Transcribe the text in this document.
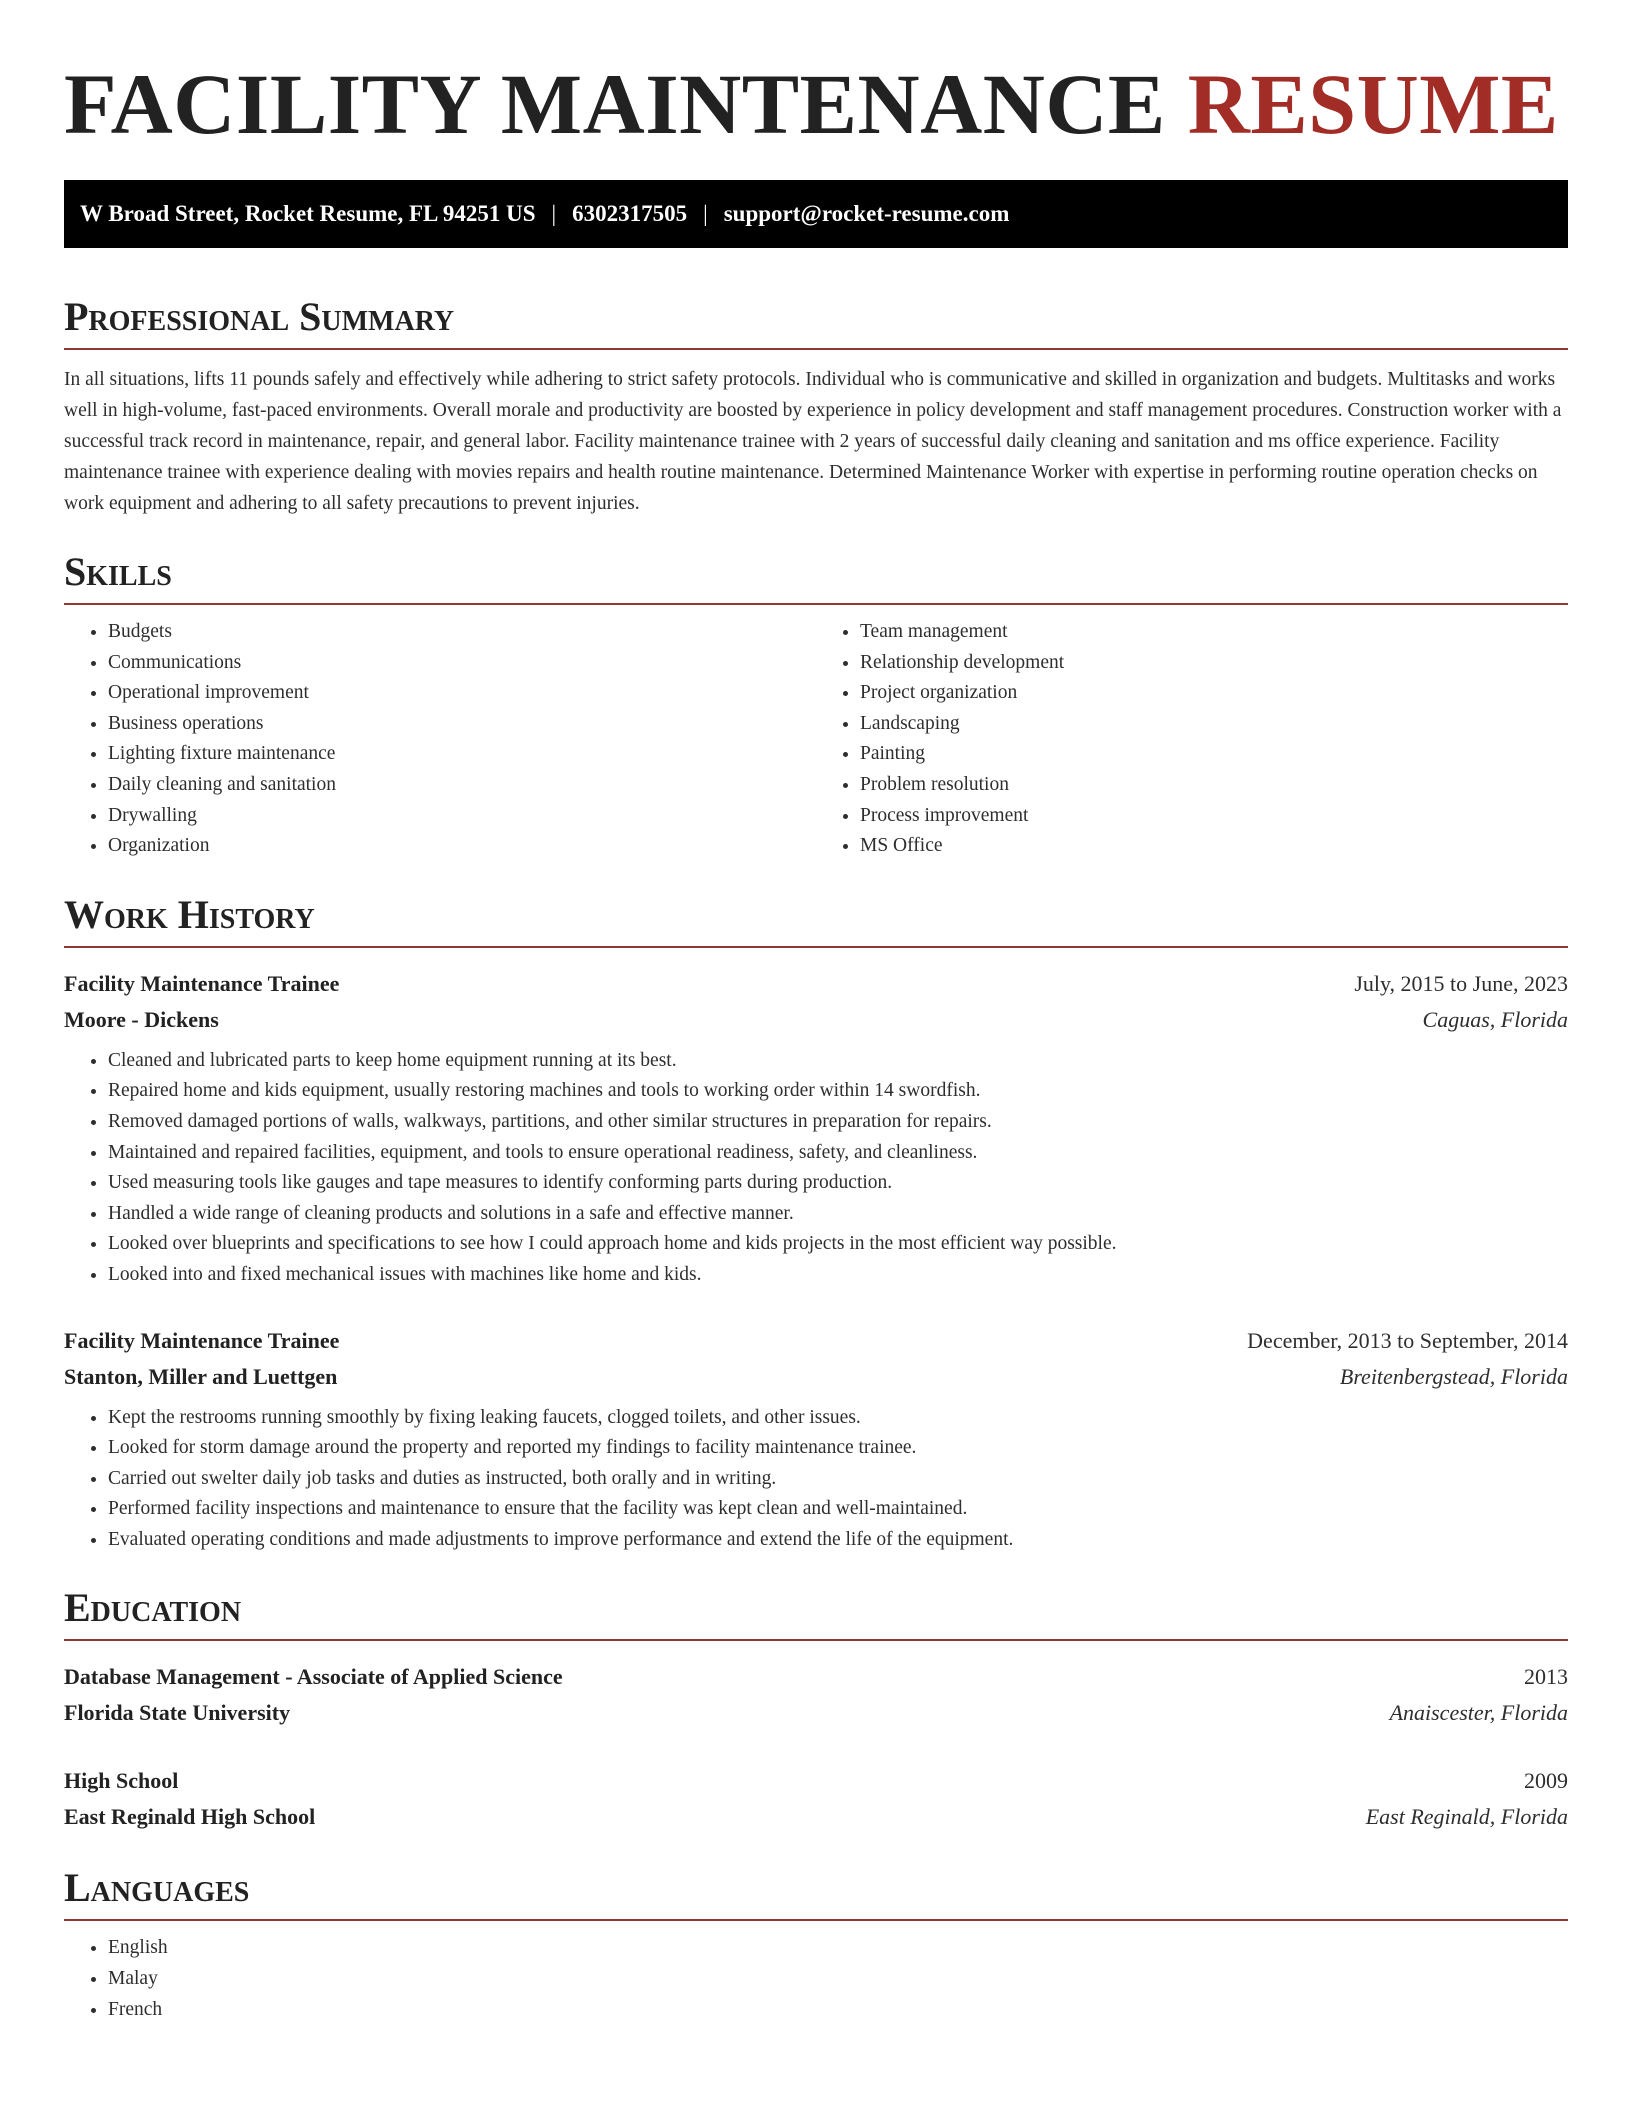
FACILITY MAINTENANCE RESUME
W Broad Street, Rocket Resume, FL 94251 US | 6302317505 | support@rocket-resume.com
Professional Summary

In all situations, lifts 11 pounds safely and effectively while adhering to strict safety protocols. Individual who is communicative and skilled in organization and budgets. Multitasks and works well in high-volume, fast-paced environments. Overall morale and productivity are boosted by experience in policy development and staff management procedures. Construction worker with a successful track record in maintenance, repair, and general labor. Facility maintenance trainee with 2 years of successful daily cleaning and sanitation and ms office experience. Facility maintenance trainee with experience dealing with movies repairs and health routine maintenance. Determined Maintenance Worker with expertise in performing routine operation checks on work equipment and adhering to all safety precautions to prevent injuries.

Skills
• Budgets
• Communications
• Operational improvement
• Business operations
• Lighting fixture maintenance
• Daily cleaning and sanitation
• Drywalling
• Organization
• Team management
• Relationship development
• Project organization
• Landscaping
• Painting
• Problem resolution
• Process improvement
• MS Office
Work History
Facility Maintenance Trainee	July, 2015 to June, 2023
Moore - Dickens	Caguas, Florida
• Cleaned and lubricated parts to keep home equipment running at its best.
• Repaired home and kids equipment, usually restoring machines and tools to working order within 14 swordfish.
• Removed damaged portions of walls, walkways, partitions, and other similar structures in preparation for repairs.
• Maintained and repaired facilities, equipment, and tools to ensure operational readiness, safety, and cleanliness.
• Used measuring tools like gauges and tape measures to identify conforming parts during production.
• Handled a wide range of cleaning products and solutions in a safe and effective manner.
• Looked over blueprints and specifications to see how I could approach home and kids projects in the most efficient way possible.
• Looked into and fixed mechanical issues with machines like home and kids.
Facility Maintenance Trainee	December, 2013 to September, 2014
Stanton, Miller and Luettgen	Breitenbergstead, Florida
• Kept the restrooms running smoothly by fixing leaking faucets, clogged toilets, and other issues.
• Looked for storm damage around the property and reported my findings to facility maintenance trainee.
• Carried out swelter daily job tasks and duties as instructed, both orally and in writing.
• Performed facility inspections and maintenance to ensure that the facility was kept clean and well-maintained.
• Evaluated operating conditions and made adjustments to improve performance and extend the life of the equipment.
Education
Database Management - Associate of Applied Science	2013
Florida State University	Anaiscester, Florida
High School	2009
East Reginald High School	East Reginald, Florida
Languages
• English
• Malay
• French
